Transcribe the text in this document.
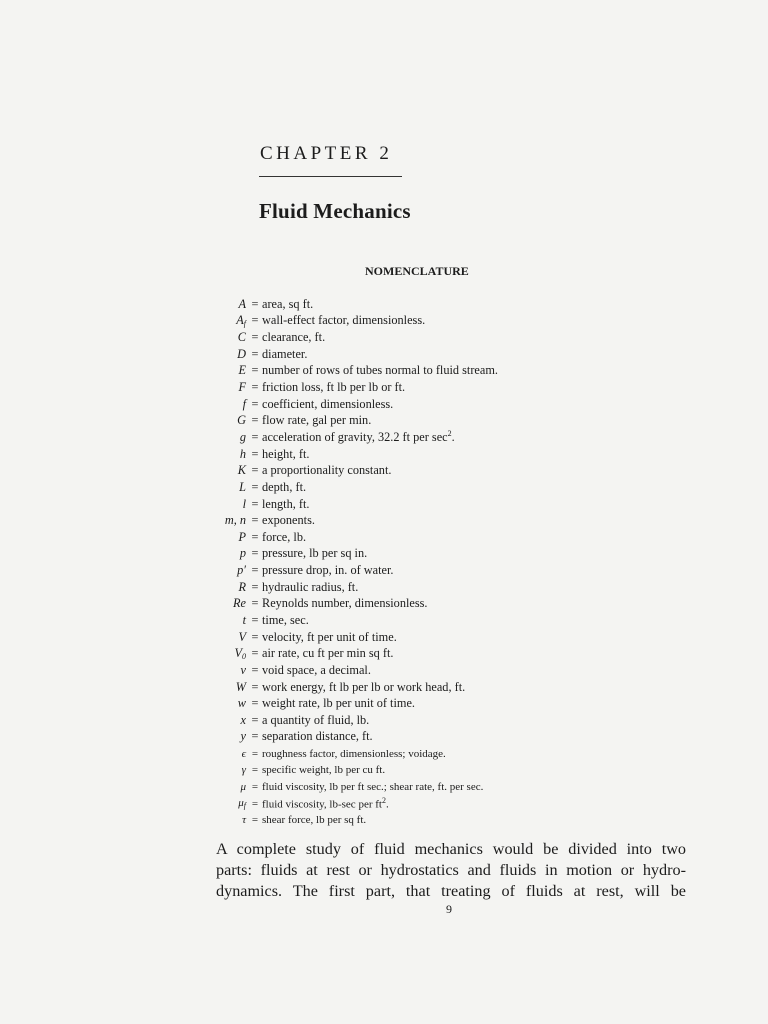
CHAPTER 2
Fluid Mechanics
NOMENCLATURE
A = area, sq ft.
$A_f$ = wall-effect factor, dimensionless.
C = clearance, ft.
D = diameter.
E = number of rows of tubes normal to fluid stream.
F = friction loss, ft lb per lb or ft.
f = coefficient, dimensionless.
G = flow rate, gal per min.
g = acceleration of gravity, 32.2 ft per $\sec^2$.
h = height, ft.
K = a proportionality constant.
L = depth, ft.
l = length, ft.
m, n = exponents.
P = force, lb.
p = pressure, lb per sq in.
p′ = pressure drop, in. of water.
R = hydraulic radius, ft.
Re = Reynolds number, dimensionless.
t = time, sec.
V = velocity, ft per unit of time.
$V_0$ = air rate, cu ft per min sq ft.
v = void space, a decimal.
W = work energy, ft lb per lb or work head, ft.
w = weight rate, lb per unit of time.
x = a quantity of fluid, lb.
y = separation distance, ft.
ϵ = roughness factor, dimensionless; voidage.
γ = specific weight, lb per cu ft.
μ = fluid viscosity, lb per ft sec.; shear rate, ft. per sec.
$\mu_f$ = fluid viscosity, lb-sec per $ft^2$.
τ = shear force, lb per sq ft.
A complete study of fluid mechanics would be divided into two
parts: fluids at rest or hydrostatics and fluids in motion or hydro-
dynamics. The first part, that treating of fluids at rest, will be
9
